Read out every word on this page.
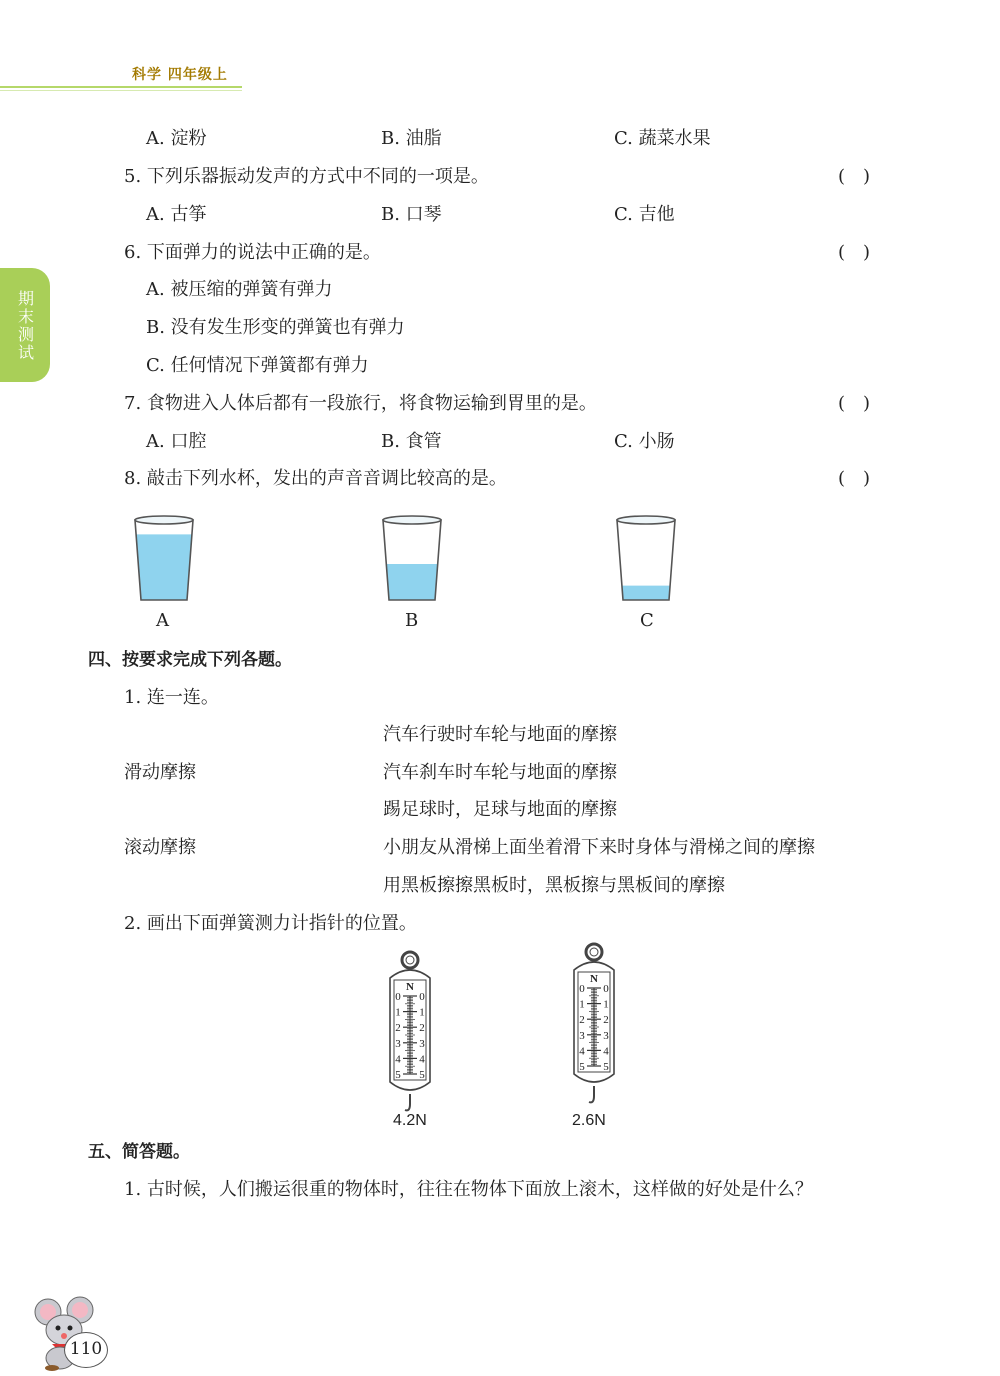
科学 四年级上
期末测试
A. 淀粉	B. 油脂	C. 蔬菜水果
5. 下列乐器振动发声的方式中不同的一项是。	()
A. 古筝	B. 口琴	C. 吉他
6. 下面弹力的说法中正确的是。	()
A. 被压缩的弹簧有弹力
B. 没有发生形变的弹簧也有弹力
C. 任何情况下弹簧都有弹力
7. 食物进入人体后都有一段旅行，将食物运输到胃里的是。	()
A. 口腔	B. 食管	C. 小肠
8. 敲击下列水杯，发出的声音音调比较高的是。	()
A	B	C
四、按要求完成下列各题。
1. 连一连。
汽车行驶时车轮与地面的摩擦
滑动摩擦	汽车刹车时车轮与地面的摩擦
踢足球时，足球与地面的摩擦
滚动摩擦	小朋友从滑梯上面坐着滑下来时身体与滑梯之间的摩擦
用黑板擦擦黑板时，黑板擦与黑板间的摩擦
2. 画出下面弹簧测力计指针的位置。
N
0
1
2
3
4
5
0
1
2
3
4
5
N
0
1
2
3
4
5
0
1
2
3
4
5
4.2N	2.6N
五、简答题。
1. 古时候，人们搬运很重的物体时，往往在物体下面放上滚木，这样做的好处是什么？
110
